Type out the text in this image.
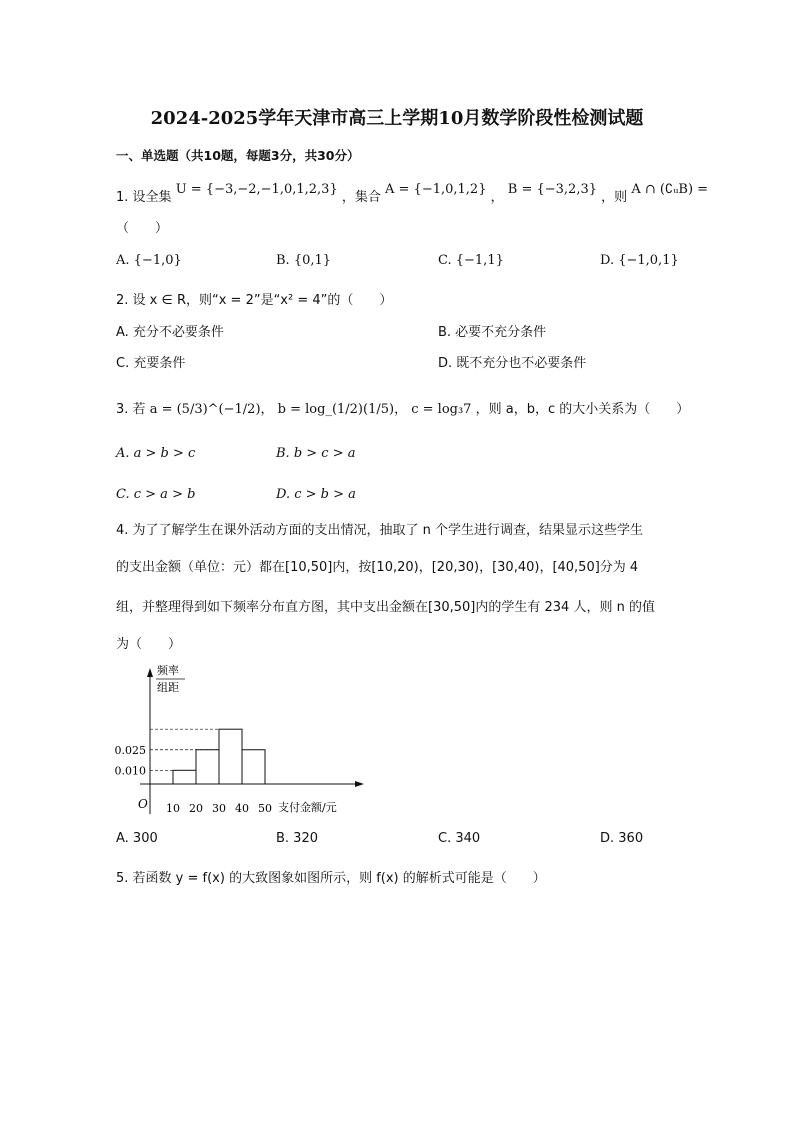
2024-2025学年天津市高三上学期10月数学阶段性检测试题
一、单选题（共10题，每题3分，共30分）
1. 设全集 U = {−3,−2,−1,0,1,2,3} ，集合 A = {−1,0,1,2} ， B = {−3,2,3} ，则 A ∩ (∁ᵤB) =
（　　）
A. {−1,0}	B. {0,1}	C. {−1,1}	D. {−1,0,1}
2. 设 x ∈ R，则“x = 2”是“x² = 4”的（　　）
A. 充分不必要条件	B. 必要不充分条件
C. 充要条件	D. 既不充分也不必要条件
3. 若 a = (5/3)^(−1/2)， b = log_(1/2)(1/5)， c = log₃7 ，则 a，b，c 的大小关系为（　　）
A. a > b > c	B. b > c > a
C. c > a > b	D. c > b > a
4. 为了了解学生在课外活动方面的支出情况，抽取了 n 个学生进行调查，结果显示这些学生
的支出金额（单位：元）都在[10,50]内，按[10,20)，[20,30)，[30,40)，[40,50]分为 4
组，并整理得到如下频率分布直方图，其中支出金额在[30,50]内的学生有 234 人，则 n 的值
为（　　）
频率
组距
O	支付金额/元
10 20 30 40 50
0.010
0.025
A. 300	B. 320	C. 340	D. 360
5. 若函数 y = f(x) 的大致图象如图所示，则 f(x) 的解析式可能是（　　）
